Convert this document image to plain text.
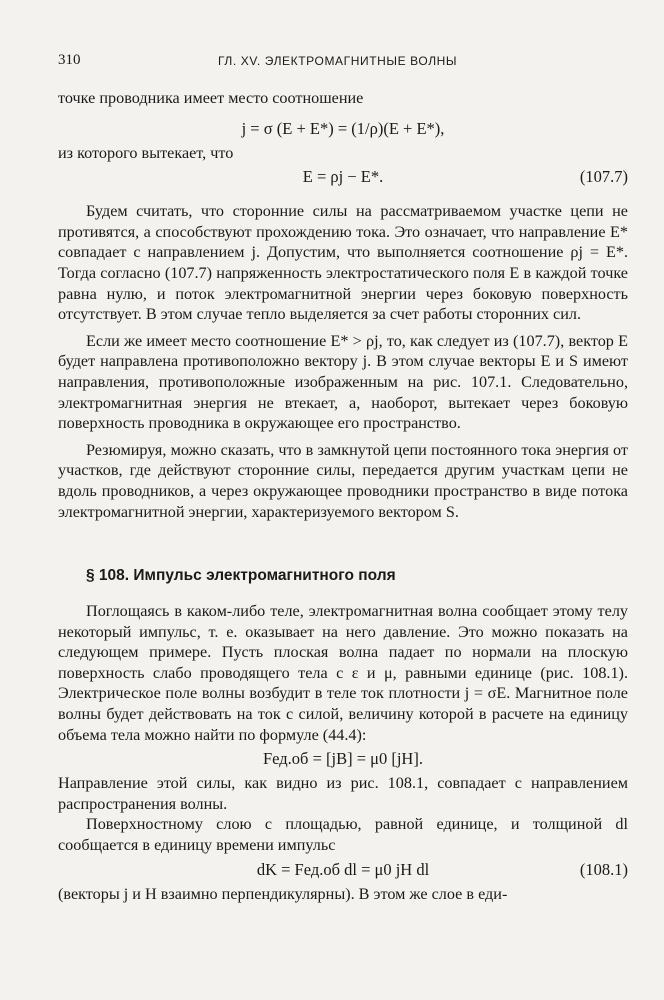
310	ГЛ. XV. ЭЛЕКТРОМАГНИТНЫЕ ВОЛНЫ

точке проводника имеет место соотношение

j = σ (E + E*) = (1/ρ)(E + E*),

из которого вытекает, что

E = ρj − E*.	(107.7)

Будем считать, что сторонние силы на рассматриваемом участке цепи не противятся, а способствуют прохождению тока. Это означает, что направление E* совпадает с направлением j. Допустим, что выполняется соотношение ρj = E*. Тогда согласно (107.7) напряженность электростатического поля E в каждой точке равна нулю, и поток электромагнитной энергии через боковую поверхность отсутствует. В этом случае тепло выделяется за счет работы сторонних сил.

Если же имеет место соотношение E* > ρj, то, как следует из (107.7), вектор E будет направлена противоположно вектору j. В этом случае векторы E и S имеют направления, противоположные изображенным на рис. 107.1. Следовательно, электромагнитная энергия не втекает, а, наоборот, вытекает через боковую поверхность проводника в окружающее его пространство.

Резюмируя, можно сказать, что в замкнутой цепи постоянного тока энергия от участков, где действуют сторонние силы, передается другим участкам цепи не вдоль проводников, а через окружающее проводники пространство в виде потока электромагнитной энергии, характеризуемого вектором S.

§ 108. Импульс электромагнитного поля

Поглощаясь в каком-либо теле, электромагнитная волна сообщает этому телу некоторый импульс, т. е. оказывает на него давление. Это можно показать на следующем примере. Пусть плоская волна падает по нормали на плоскую поверхность слабо проводящего тела с ε и μ, равными единице (рис. 108.1). Электрическое поле волны возбудит в теле ток плотности j = σE. Магнитное поле волны будет действовать на ток с силой, величину которой в расчете на единицу объема тела можно найти по формуле (44.4):

Fед.об = [jB] = μ0 [jH].

Направление этой силы, как видно из рис. 108.1, совпадает с направлением распространения волны.

Поверхностному слою с площадью, равной единице, и толщиной dl сообщается в единицу времени импульс

dK = Fед.об dl = μ0 jH dl	(108.1)

(векторы j и H взаимно перпендикулярны). В этом же слое в еди-
